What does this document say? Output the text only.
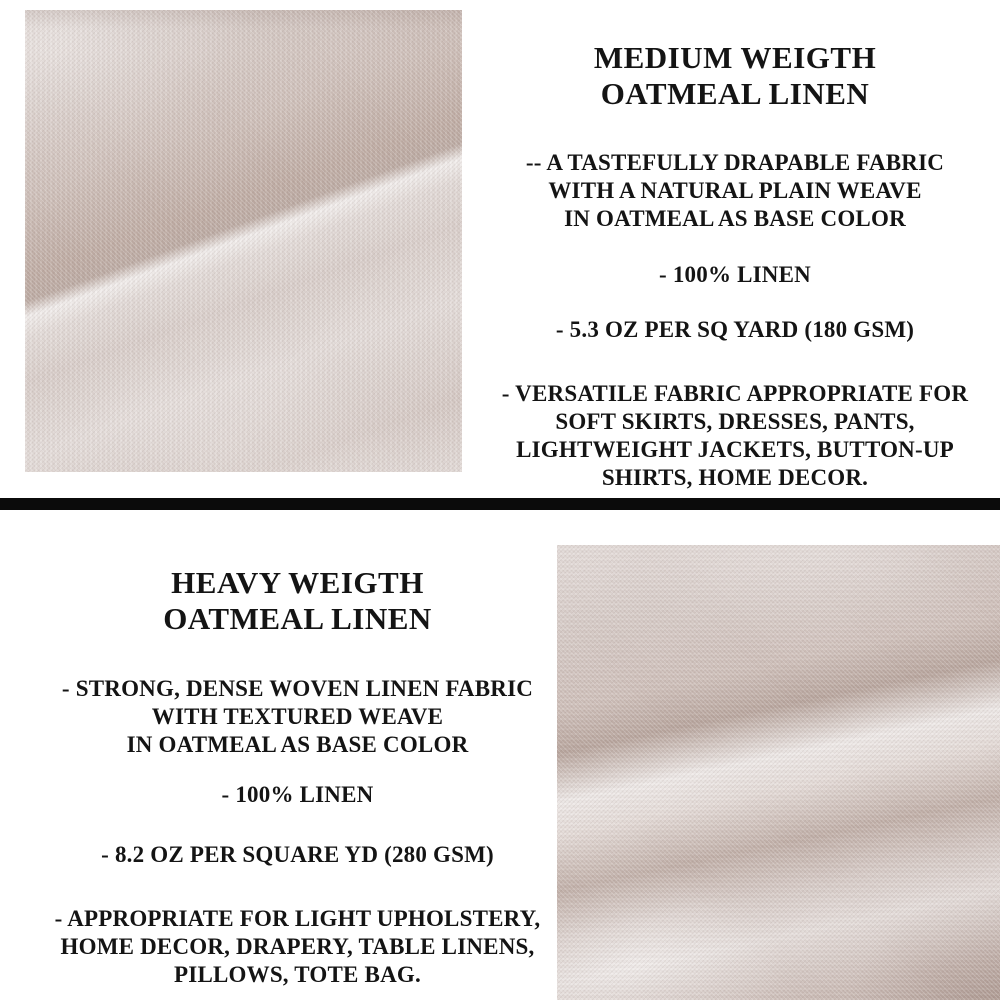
MEDIUM WEIGTH
OATMEAL LINEN

-- A TASTEFULLY DRAPABLE FABRIC
WITH A NATURAL PLAIN WEAVE
IN OATMEAL AS BASE COLOR

- 100% LINEN

- 5.3 OZ PER SQ YARD (180 GSM)

- VERSATILE FABRIC APPROPRIATE FOR
SOFT SKIRTS, DRESSES, PANTS,
LIGHTWEIGHT JACKETS, BUTTON-UP
SHIRTS, HOME DECOR.

HEAVY WEIGTH
OATMEAL LINEN

- STRONG, DENSE WOVEN LINEN FABRIC
WITH TEXTURED WEAVE
IN OATMEAL AS BASE COLOR

- 100% LINEN

- 8.2 OZ PER SQUARE YD (280 GSM)

- APPROPRIATE FOR LIGHT UPHOLSTERY,
HOME DECOR, DRAPERY, TABLE LINENS,
PILLOWS, TOTE BAG.
